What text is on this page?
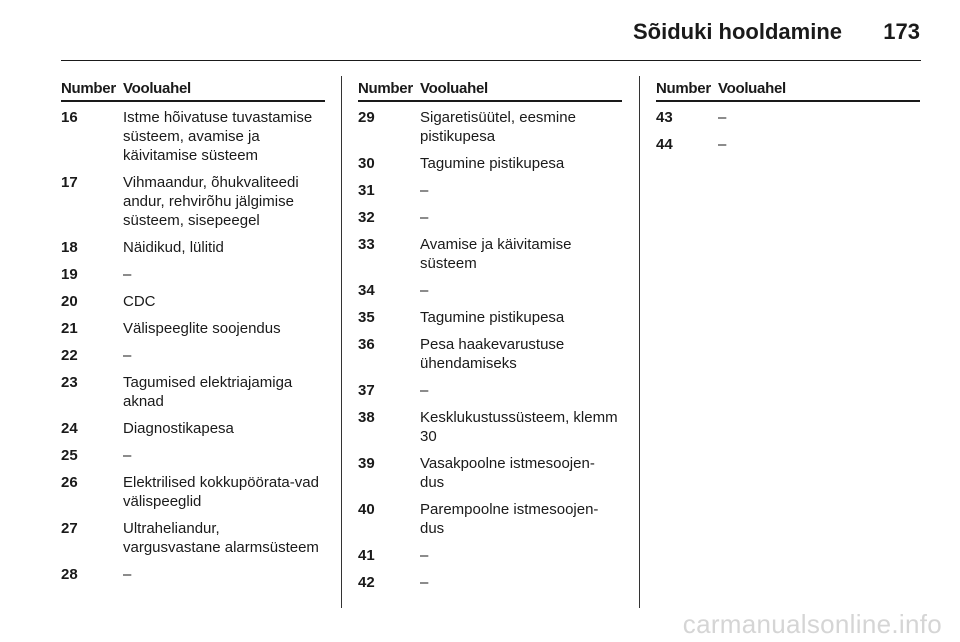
Sõiduki hooldamine 173
Number Vooluahel
16	Istme hõivatuse tuvastamise süsteem, avamise ja käivitamise süsteem
17	Vihmaandur, õhukvaliteedi andur, rehvirõhu jälgimise süsteem, sisepeegel
18	Näidikud, lülitid
19	–
20	CDC
21	Välispeeglite soojendus
22	–
23	Tagumised elektriajamiga aknad
24	Diagnostikapesa
25	–
26	Elektrilised kokkupöörata-vad välispeeglid
27	Ultraheliandur, vargusvastane alarmsüsteem
28	–
Number Vooluahel
29	Sigaretisüütel, eesmine pistikupesa
30	Tagumine pistikupesa
31	–
32	–
33	Avamise ja käivitamise süsteem
34	–
35	Tagumine pistikupesa
36	Pesa haakevarustuse ühendamiseks
37	–
38	Kesklukustussüsteem, klemm 30
39	Vasakpoolne istmesoojen-dus
40	Parempoolne istmesoojen-dus
41	–
42	–
Number Vooluahel
43	–
44	–
carmanualsonline.info
